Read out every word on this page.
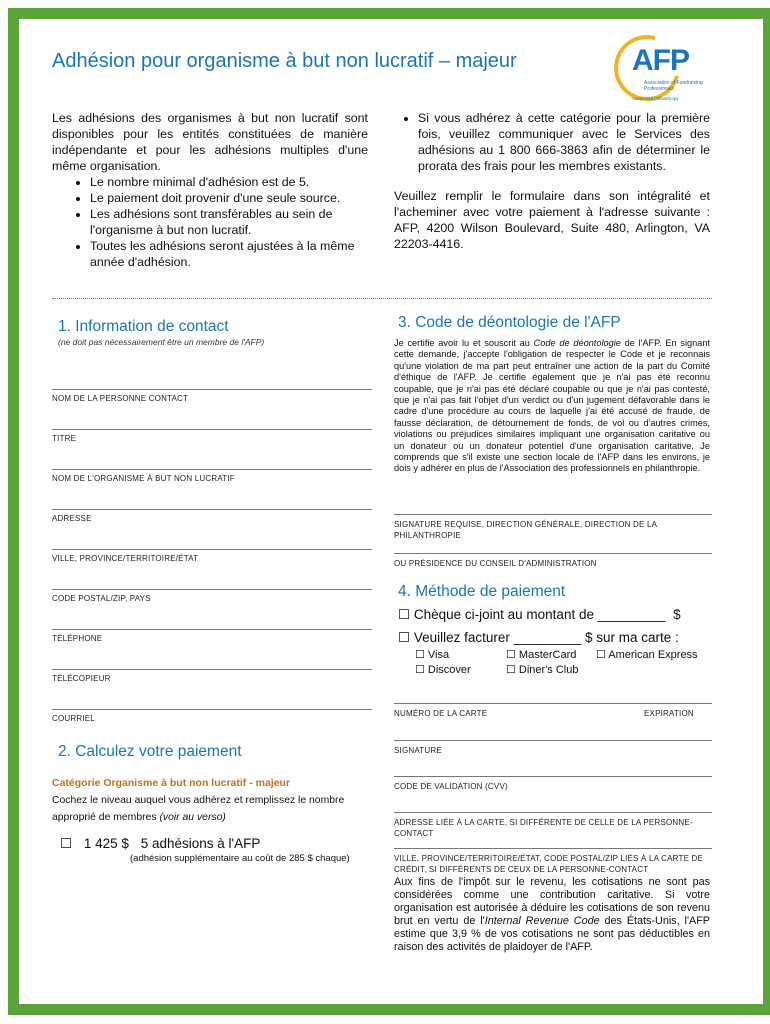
Adhésion pour organisme à but non lucratif – majeur	AFP
Association of Fundraising Professionals
Advancing philanthropy
Les adhésions des organismes à but non lucratif sont disponibles pour les entités constituées de manière indépendante et pour les adhésions multiples d'une même organisation.
• Le nombre minimal d'adhésion est de 5.
• Le paiement doit provenir d'une seule source.
• Les adhésions sont transférables au sein de l'organisme à but non lucratif.
• Toutes les adhésions seront ajustées à la même année d'adhésion.
• Si vous adhérez à cette catégorie pour la première fois, veuillez communiquer avec le Services des adhésions au 1 800 666-3863 afin de déterminer le prorata des frais pour les membres existants.

Veuillez remplir le formulaire dans son intégralité et l'acheminer avec votre paiement à l'adresse suivante : AFP, 4200 Wilson Boulevard, Suite 480, Arlington, VA 22203-4416.

1. Information de contact
(ne doit pas nécessairement être un membre de l'AFP)
NOM DE LA PERSONNE CONTACT
TITRE
NOM DE L'ORGANISME À BUT NON LUCRATIF
ADRESSE
VILLE, PROVINCE/TERRITOIRE/ÉTAT
CODE POSTAL/ZIP, PAYS
TÉLÉPHONE
TÉLÉCOPIEUR
COURRIEL
2. Calculez votre paiement
Catégorie Organisme à but non lucratif - majeur
Cochez le niveau auquel vous adhérez et remplissez le nombre approprié de membres (voir au verso)
☐ 1 425 $ 5 adhésions à l'AFP
(adhésion supplémentaire au coût de 285 $ chaque)
3. Code de déontologie de l'AFP
Je certifie avoir lu et souscrit au Code de déontologie de l'AFP. En signant cette demande, j'accepte l'obligation de respecter le Code et je reconnais qu'une violation de ma part peut entraîner une action de la part du Comité d'éthique de l'AFP. Je certifie également que je n'ai pas été reconnu coupable, que je n'ai pas été déclaré coupable ou que je n'ai pas contesté, que je n'ai pas fait l'objet d'un verdict ou d'un jugement défavorable dans le cadre d'une procédure au cours de laquelle j'ai été accusé de fraude, de fausse déclaration, de détournement de fonds, de vol ou d'autres crimes, violations ou préjudices similaires impliquant une organisation caritative ou un donateur ou un donateur potentiel d'une organisation caritative. Je comprends que s'il existe une section locale de l'AFP dans les environs, je dois y adhérer en plus de l'Association des professionnels en philanthropie.
SIGNATURE REQUISE, DIRECTION GÉNÉRALE, DIRECTION DE LA PHILANTHROPIE
OU PRÉSIDENCE DU CONSEIL D'ADMINISTRATION
4. Méthode de paiement
☐ Chèque ci-joint au montant de _________ $
☐ Veuillez facturer _________ $ sur ma carte :
☐ Visa	☐ MasterCard ☐ American Express
☐ Discover	☐ Diner's Club
NUMÉRO DE LA CARTE	EXPIRATION
SIGNATURE
CODE DE VALIDATION (CVV)
ADRESSE LIÉE À LA CARTE, SI DIFFÉRENTE DE CELLE DE LA PERSONNE-CONTACT
VILLE, PROVINCE/TERRITOIRE/ÉTAT, CODE POSTAL/ZIP LIÉS À LA CARTE DE CRÉDIT, SI DIFFÉRENTS DE CEUX DE LA PERSONNE-CONTACT
Aux fins de l'impôt sur le revenu, les cotisations ne sont pas considérées comme une contribution caritative. Si votre organisation est autorisée à déduire les cotisations de son revenu brut en vertu de l'Internal Revenue Code des États-Unis, l'AFP estime que 3,9 % de vos cotisations ne sont pas déductibles en raison des activités de plaidoyer de l'AFP.
